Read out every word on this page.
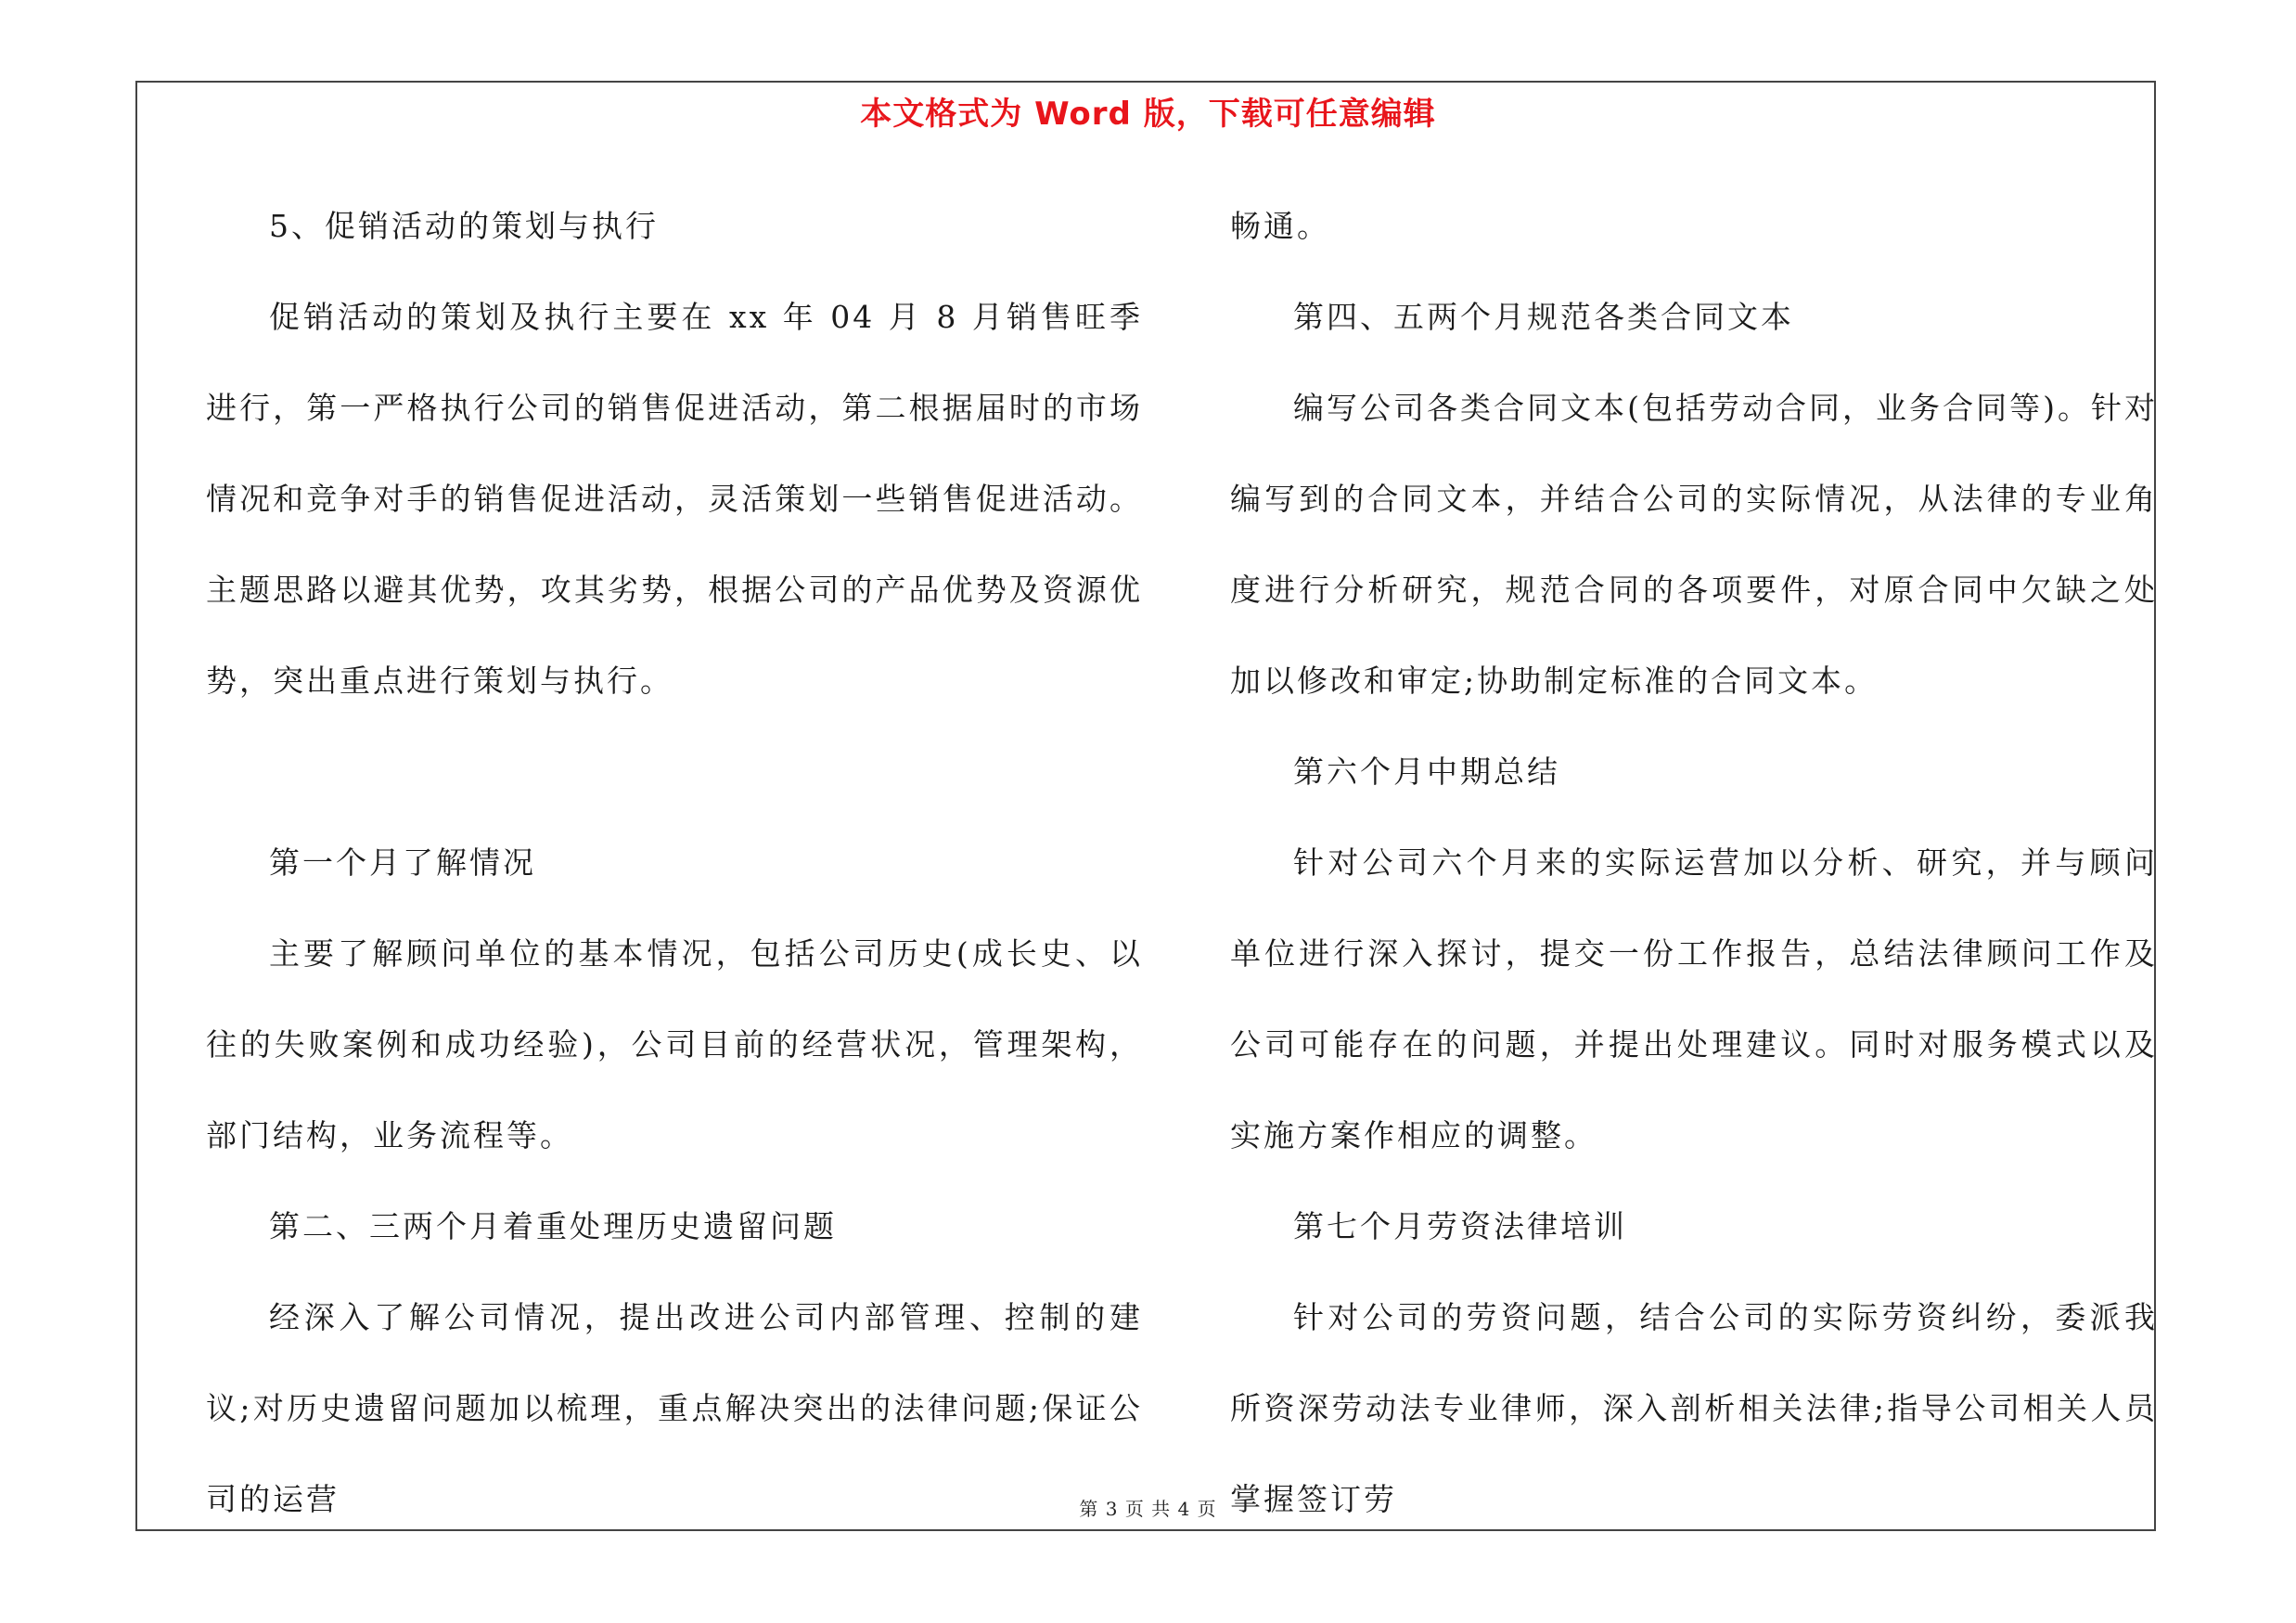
本文格式为 Word 版，下载可任意编辑

5、促销活动的策划与执行

促销活动的策划及执行主要在 xx 年 04 月 8 月销售旺季进行，第一严格执行公司的销售促进活动，第二根据届时的市场情况和竞争对手的销售促进活动，灵活策划一些销售促进活动。主题思路以避其优势，攻其劣势，根据公司的产品优势及资源优势，突出重点进行策划与执行。

第一个月了解情况

主要了解顾问单位的基本情况，包括公司历史(成长史、以往的失败案例和成功经验)，公司目前的经营状况，管理架构，部门结构，业务流程等。

第二、三两个月着重处理历史遗留问题

经深入了解公司情况，提出改进公司内部管理、控制的建议;对历史遗留问题加以梳理，重点解决突出的法律问题;保证公司的运营

畅通。

第四、五两个月规范各类合同文本

编写公司各类合同文本(包括劳动合同，业务合同等)。针对编写到的合同文本，并结合公司的实际情况，从法律的专业角度进行分析研究，规范合同的各项要件，对原合同中欠缺之处加以修改和审定;协助制定标准的合同文本。

第六个月中期总结

针对公司六个月来的实际运营加以分析、研究，并与顾问单位进行深入探讨，提交一份工作报告，总结法律顾问工作及公司可能存在的问题，并提出处理建议。同时对服务模式以及实施方案作相应的调整。

第七个月劳资法律培训

针对公司的劳资问题，结合公司的实际劳资纠纷，委派我所资深劳动法专业律师，深入剖析相关法律;指导公司相关人员掌握签订劳

第 3 页 共 4 页
